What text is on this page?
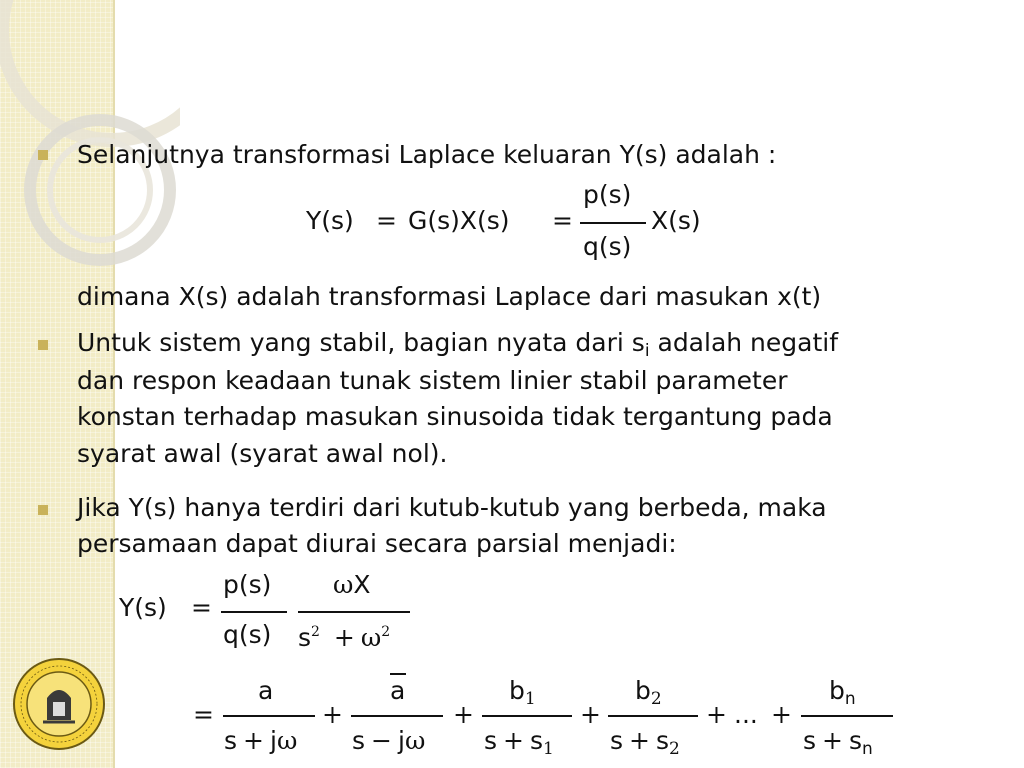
Selanjutnya transformasi Laplace keluaran Y(s) adalah :
Y(s) = G(s)X(s) =
p(s)
q(s)
X(s)
dimana X(s) adalah transformasi Laplace dari masukan x(t)
Untuk sistem yang stabil, bagian nyata dari $s_i$ adalah negatif
dan respon keadaan tunak sistem linier stabil parameter
konstan terhadap masukan sinusoida tidak tergantung pada
syarat awal (syarat awal nol).
Jika Y(s) hanya terdiri dari kutub-kutub yang berbeda, maka
persamaan dapat diurai secara parsial menjadi:
Y(s) =
p(s)
q(s)
ωX
$s^2 + \omega^2$
=
a
s + jω
+
a
s − jω
+
$b_1$
$s + s_1$
+
$b_2$
$s + s_2$
+ ... +
$b_n$
$s + s_n$
